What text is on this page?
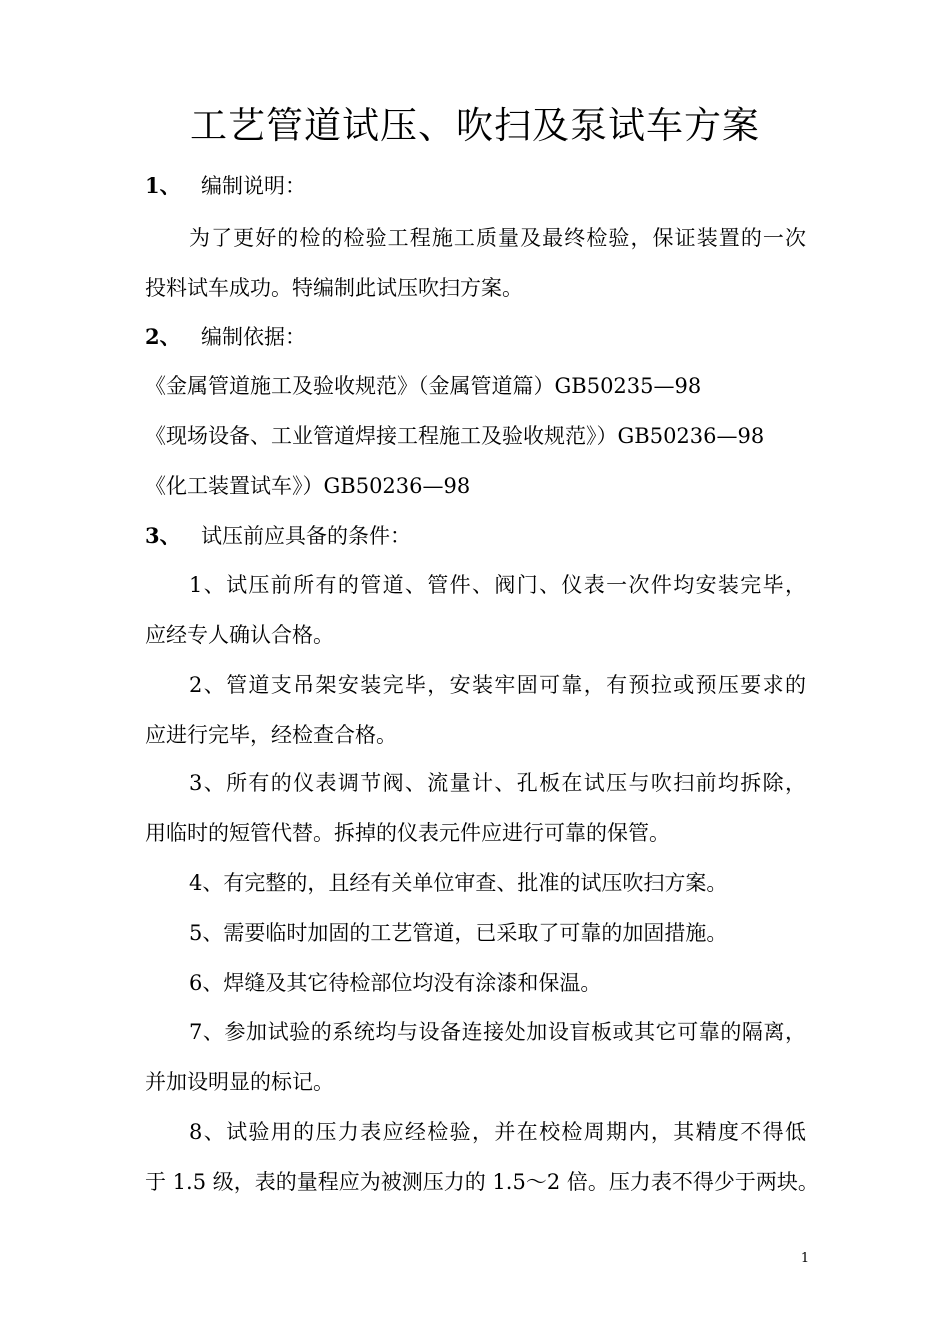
工艺管道试压、吹扫及泵试车方案
1、 编制说明：
为了更好的检的检验工程施工质量及最终检验，保证装置的一次
投料试车成功。特编制此试压吹扫方案。
2、 编制依据：
《金属管道施工及验收规范》（金属管道篇）GB50235—98
《现场设备、工业管道焊接工程施工及验收规范》）GB50236—98
《化工装置试车》）GB50236—98
3、 试压前应具备的条件：
1、试压前所有的管道、管件、阀门、仪表一次件均安装完毕，
应经专人确认合格。
2、管道支吊架安装完毕，安装牢固可靠，有预拉或预压要求的
应进行完毕，经检查合格。
3、所有的仪表调节阀、流量计、孔板在试压与吹扫前均拆除，
用临时的短管代替。拆掉的仪表元件应进行可靠的保管。
4、有完整的，且经有关单位审查、批准的试压吹扫方案。
5、需要临时加固的工艺管道，已采取了可靠的加固措施。
6、焊缝及其它待检部位均没有涂漆和保温。
7、参加试验的系统均与设备连接处加设盲板或其它可靠的隔离，
并加设明显的标记。
8、试验用的压力表应经检验，并在校检周期内，其精度不得低
于 1.5 级，表的量程应为被测压力的 1.5～2 倍。压力表不得少于两块。
1
